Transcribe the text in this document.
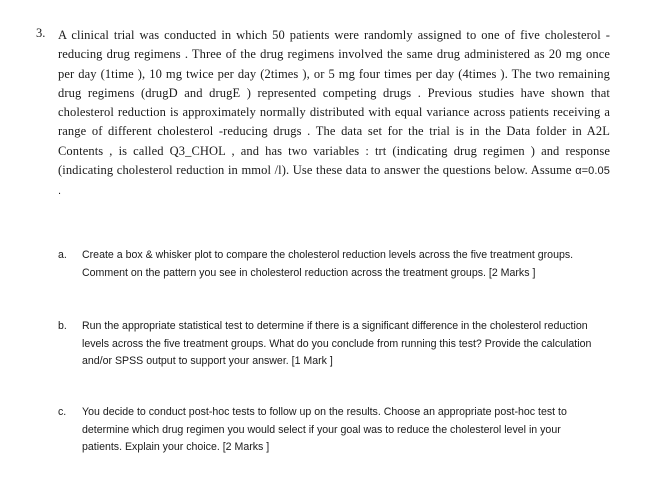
3. A clinical trial was conducted in which 50 patients were randomly assigned to one of five cholesterol -reducing drug regimens . Three of the drug regimens involved the same drug administered as 20 mg once per day (1time ), 10 mg twice per day (2times ), or 5 mg four times per day (4times ). The two remaining drug regimens (drugD and drugE ) represented competing drugs . Previous studies have shown that cholesterol reduction is approximately normally distributed with equal variance across patients receiving a range of different cholesterol -reducing drugs . The data set for the trial is in the Data folder in A2L Contents , is called Q3_CHOL , and has two variables : trt (indicating drug regimen ) and response (indicating cholesterol reduction in mmol /l). Use these data to answer the questions below. Assume α=0.05 .
a. Create a box & whisker plot to compare the cholesterol reduction levels across the five treatment groups. Comment on the pattern you see in cholesterol reduction across the treatment groups. [2 Marks ]
b. Run the appropriate statistical test to determine if there is a significant difference in the cholesterol reduction levels across the five treatment groups. What do you conclude from running this test? Provide the calculation and/or SPSS output to support your answer. [1 Mark ]
c. You decide to conduct post-hoc tests to follow up on the results. Choose an appropriate post-hoc test to determine which drug regimen you would select if your goal was to reduce the cholesterol level in your patients. Explain your choice. [2 Marks ]
